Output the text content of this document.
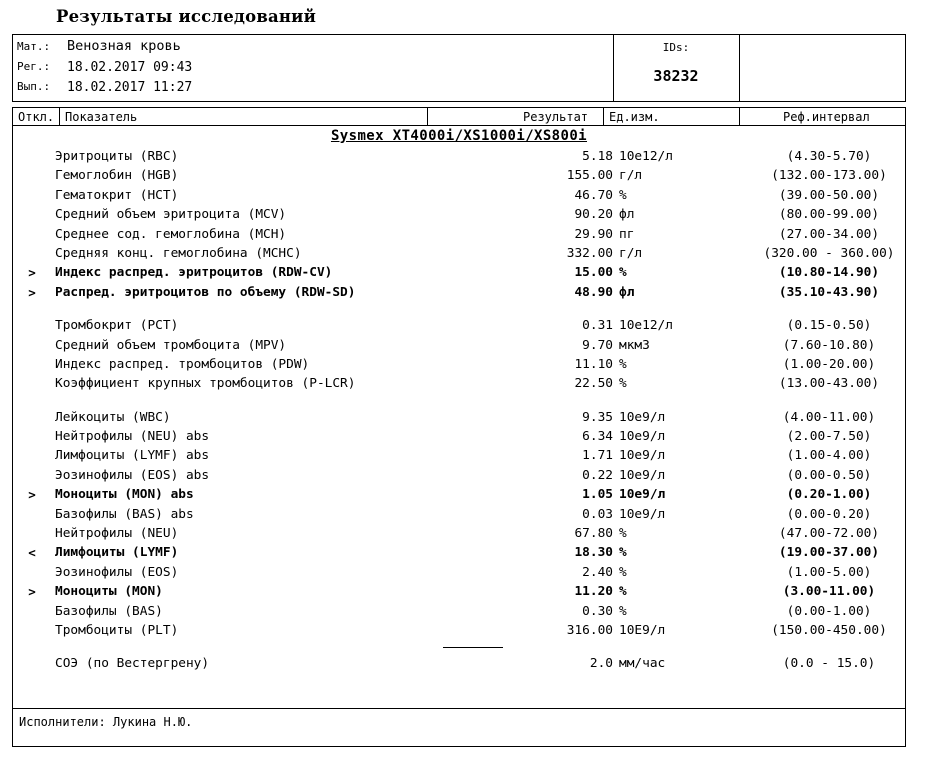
Результаты исследований
Мат.: Венозная кровь
Рег.: 18.02.2017 09:43
Вып.: 18.02.2017 11:27
IDs:
38232
Откл. Показатель	Результат Ед.изм.	Реф.интервал
Sysmex XT4000i/XS1000i/XS800i
Эритроциты (RBC)	5.18 10е12/л	(4.30-5.70)
Гемоглобин (HGB)	155.00 г/л	(132.00-173.00)
Гематокрит (HCT)	46.70 %	(39.00-50.00)
Средний объем эритроцита (MCV)	90.20 фл	(80.00-99.00)
Среднее сод. гемоглобина (MCH)	29.90 пг	(27.00-34.00)
Средняя конц. гемоглобина (MCHC)	332.00 г/л	(320.00 - 360.00)
> Индекс распред. эритроцитов (RDW-CV)	15.00 %	(10.80-14.90)
> Распред. эритроцитов по объему (RDW-SD)	48.90 фл	(35.10-43.90)
Тромбокрит (PCT)	0.31 10е12/л	(0.15-0.50)
Средний объем тромбоцита (MPV)	9.70 мкм3	(7.60-10.80)
Индекс распред. тромбоцитов (PDW)	11.10 %	(1.00-20.00)
Коэффициент крупных тромбоцитов (P-LCR)	22.50 %	(13.00-43.00)
Лейкоциты (WBC)	9.35 10е9/л	(4.00-11.00)
Нейтрофилы (NEU) abs	6.34 10е9/л	(2.00-7.50)
Лимфоциты (LYMF) abs	1.71 10е9/л	(1.00-4.00)
Эозинофилы (EOS) abs	0.22 10е9/л	(0.00-0.50)
> Моноциты (MON) abs	1.05 10е9/л	(0.20-1.00)
Базофилы (BAS) abs	0.03 10е9/л	(0.00-0.20)
Нейтрофилы (NEU)	67.80 %	(47.00-72.00)
< Лимфоциты (LYMF)	18.30 %	(19.00-37.00)
Эозинофилы (EOS)	2.40 %	(1.00-5.00)
> Моноциты (MON)	11.20 %	(3.00-11.00)
Базофилы (BAS)	0.30 %	(0.00-1.00)
Тромбоциты (PLT)	316.00 10Е9/л	(150.00-450.00)
СОЭ (по Вестергрену)	2.0 мм/час	(0.0 - 15.0)
Исполнители: Лукина Н.Ю.
